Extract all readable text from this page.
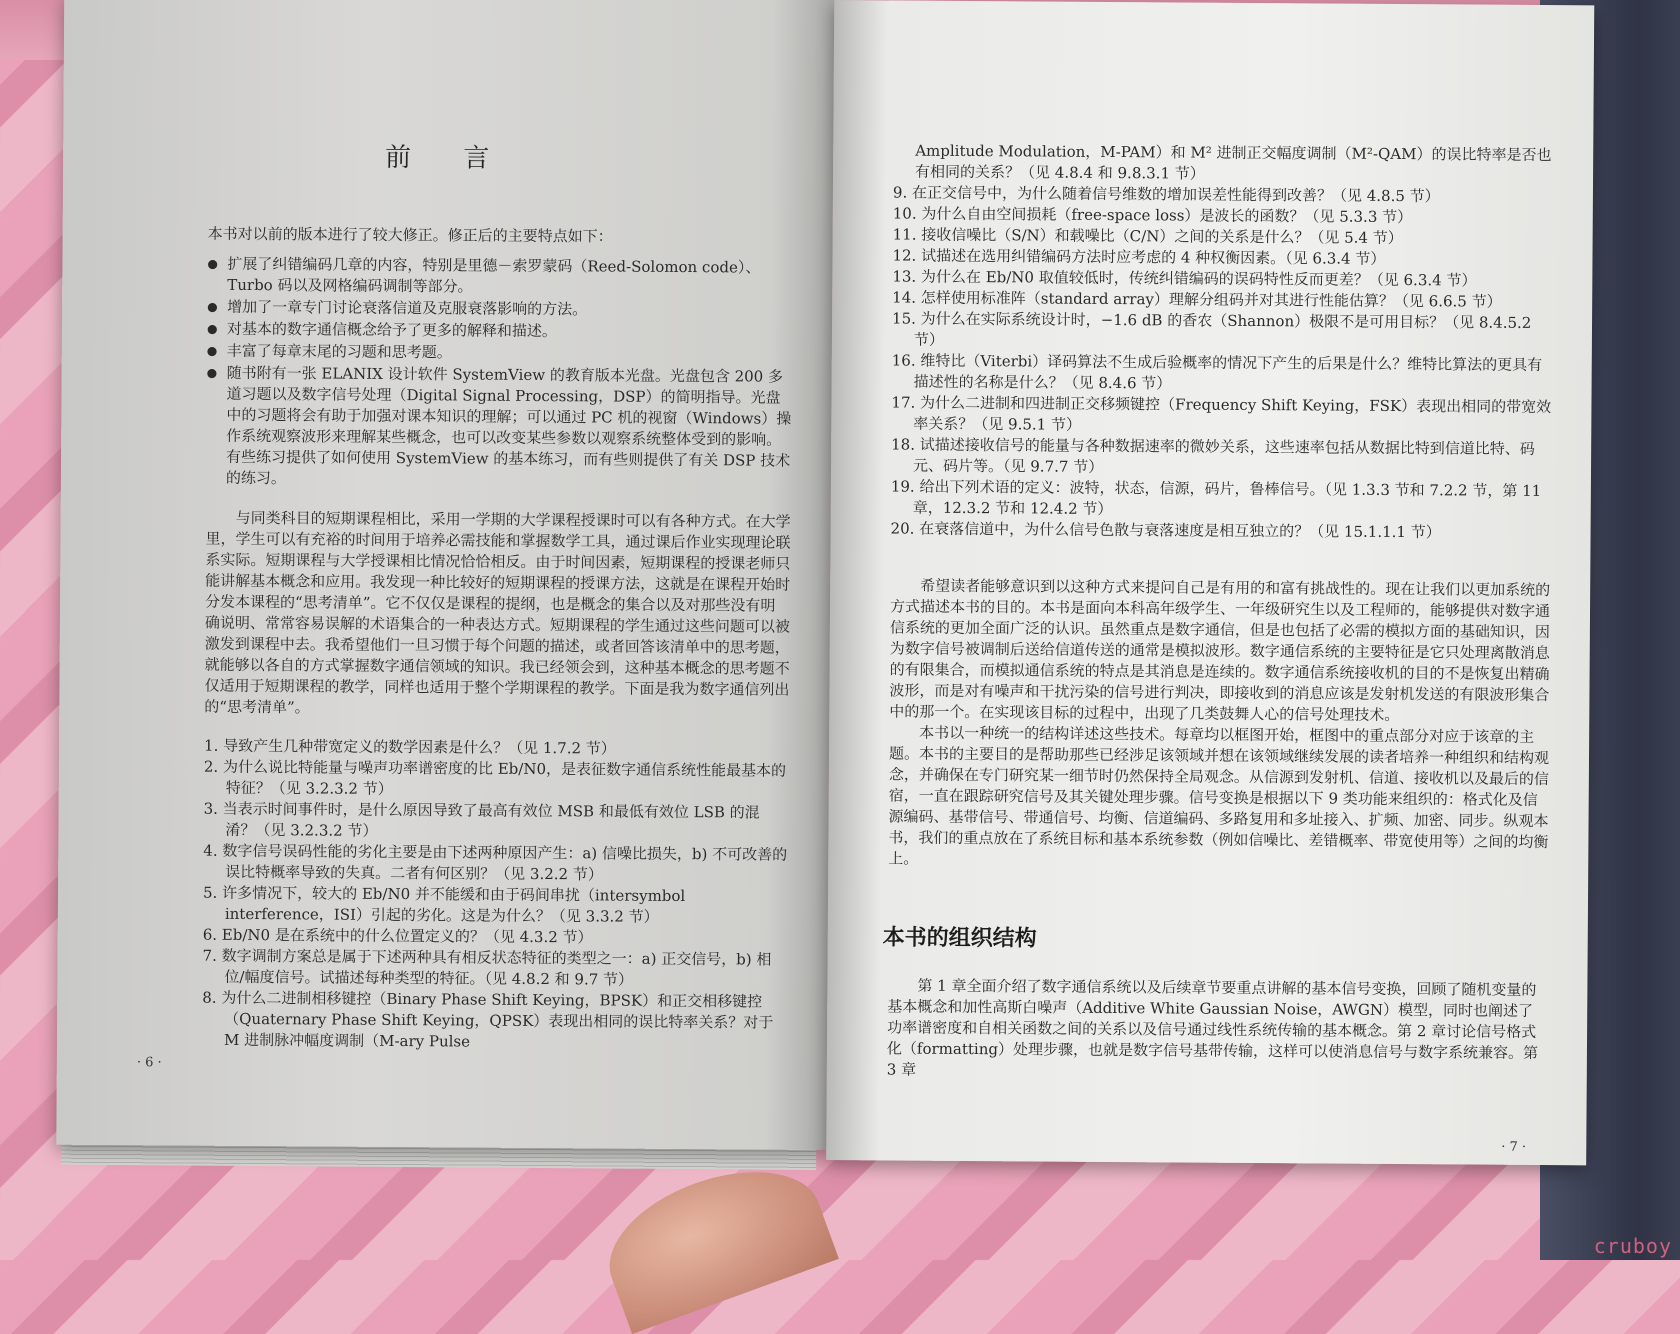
前 言
本书对以前的版本进行了较大修正。修正后的主要特点如下：
● 扩展了纠错编码几章的内容，特别是里德－索罗蒙码（Reed-Solomon code）、Turbo 码以及网格编码调制等部分。
● 增加了一章专门讨论衰落信道及克服衰落影响的方法。
● 对基本的数字通信概念给予了更多的解释和描述。
● 丰富了每章末尾的习题和思考题。
● 随书附有一张 ELANIX 设计软件 SystemView 的教育版本光盘。光盘包含 200 多道习题以及数字信号处理（Digital Signal Processing，DSP）的简明指导。光盘中的习题将会有助于加强对课本知识的理解；可以通过 PC 机的视窗（Windows）操作系统观察波形来理解某些概念，也可以改变某些参数以观察系统整体受到的影响。有些练习提供了如何使用 SystemView 的基本练习，而有些则提供了有关 DSP 技术的练习。

与同类科目的短期课程相比，采用一学期的大学课程授课时可以有各种方式。在大学里，学生可以有充裕的时间用于培养必需技能和掌握数学工具，通过课后作业实现理论联系实际。短期课程与大学授课相比情况恰恰相反。由于时间因素，短期课程的授课老师只能讲解基本概念和应用。我发现一种比较好的短期课程的授课方法，这就是在课程开始时分发本课程的“思考清单”。它不仅仅是课程的提纲，也是概念的集合以及对那些没有明确说明、常常容易误解的术语集合的一种表达方式。短期课程的学生通过这些问题可以被激发到课程中去。我希望他们一旦习惯于每个问题的描述，或者回答该清单中的思考题，就能够以各自的方式掌握数字通信领域的知识。我已经领会到，这种基本概念的思考题不仅适用于短期课程的教学，同样也适用于整个学期课程的教学。下面是我为数字通信列出的“思考清单”。

1. 导致产生几种带宽定义的数学因素是什么？（见 1.7.2 节）

2. 为什么说比特能量与噪声功率谱密度的比 Eb/N0，是表征数字通信系统性能最基本的特征？（见 3.2.3.2 节）

3. 当表示时间事件时，是什么原因导致了最高有效位 MSB 和最低有效位 LSB 的混淆？（见 3.2.3.2 节）

4. 数字信号误码性能的劣化主要是由下述两种原因产生：a) 信噪比损失，b) 不可改善的误比特概率导致的失真。二者有何区别？（见 3.2.2 节）

5. 许多情况下，较大的 Eb/N0 并不能缓和由于码间串扰（intersymbol interference，ISI）引起的劣化。这是为什么？（见 3.3.2 节）

6. Eb/N0 是在系统中的什么位置定义的？（见 4.3.2 节）

7. 数字调制方案总是属于下述两种具有相反状态特征的类型之一：a) 正交信号，b) 相位/幅度信号。试描述每种类型的特征。（见 4.8.2 和 9.7 节）

8. 为什么二进制相移键控（Binary Phase Shift Keying，BPSK）和正交相移键控（Quaternary Phase Shift Keying，QPSK）表现出相同的误比特率关系？对于 M 进制脉冲幅度调制（M-ary Pulse

· 6 ·

Amplitude Modulation，M-PAM）和 M² 进制正交幅度调制（M²-QAM）的误比特率是否也有相同的关系？（见 4.8.4 和 9.8.3.1 节）

9. 在正交信号中，为什么随着信号维数的增加误差性能得到改善？（见 4.8.5 节）

10. 为什么自由空间损耗（free-space loss）是波长的函数？（见 5.3.3 节）

11. 接收信噪比（S/N）和载噪比（C/N）之间的关系是什么？（见 5.4 节）

12. 试描述在选用纠错编码方法时应考虑的 4 种权衡因素。（见 6.3.4 节）

13. 为什么在 Eb/N0 取值较低时，传统纠错编码的误码特性反而更差？（见 6.3.4 节）

14. 怎样使用标准阵（standard array）理解分组码并对其进行性能估算？（见 6.6.5 节）

15. 为什么在实际系统设计时，−1.6 dB 的香农（Shannon）极限不是可用目标？（见 8.4.5.2 节）

16. 维特比（Viterbi）译码算法不生成后验概率的情况下产生的后果是什么？维特比算法的更具有描述性的名称是什么？（见 8.4.6 节）

17. 为什么二进制和四进制正交移频键控（Frequency Shift Keying，FSK）表现出相同的带宽效率关系？（见 9.5.1 节）

18. 试描述接收信号的能量与各种数据速率的微妙关系，这些速率包括从数据比特到信道比特、码元、码片等。（见 9.7.7 节）

19. 给出下列术语的定义：波特，状态，信源，码片，鲁棒信号。（见 1.3.3 节和 7.2.2 节，第 11 章，12.3.2 节和 12.4.2 节）

20. 在衰落信道中，为什么信号色散与衰落速度是相互独立的？（见 15.1.1.1 节）

希望读者能够意识到以这种方式来提问自己是有用的和富有挑战性的。现在让我们以更加系统的方式描述本书的目的。本书是面向本科高年级学生、一年级研究生以及工程师的，能够提供对数字通信系统的更加全面广泛的认识。虽然重点是数字通信，但是也包括了必需的模拟方面的基础知识，因为数字信号被调制后送给信道传送的通常是模拟波形。数字通信系统的主要特征是它只处理离散消息的有限集合，而模拟通信系统的特点是其消息是连续的。数字通信系统接收机的目的不是恢复出精确波形，而是对有噪声和干扰污染的信号进行判决，即接收到的消息应该是发射机发送的有限波形集合中的那一个。在实现该目标的过程中，出现了几类鼓舞人心的信号处理技术。

本书以一种统一的结构详述这些技术。每章均以框图开始，框图中的重点部分对应于该章的主题。本书的主要目的是帮助那些已经涉足该领域并想在该领域继续发展的读者培养一种组织和结构观念，并确保在专门研究某一细节时仍然保持全局观念。从信源到发射机、信道、接收机以及最后的信宿，一直在跟踪研究信号及其关键处理步骤。信号变换是根据以下 9 类功能来组织的：格式化及信源编码、基带信号、带通信号、均衡、信道编码、多路复用和多址接入、扩频、加密、同步。纵观本书，我们的重点放在了系统目标和基本系统参数（例如信噪比、差错概率、带宽使用等）之间的均衡上。

本书的组织结构

第 1 章全面介绍了数字通信系统以及后续章节要重点讲解的基本信号变换，回顾了随机变量的基本概念和加性高斯白噪声（Additive White Gaussian Noise，AWGN）模型，同时也阐述了功率谱密度和自相关函数之间的关系以及信号通过线性系统传输的基本概念。第 2 章讨论信号格式化（formatting）处理步骤，也就是数字信号基带传输，这样可以使消息信号与数字系统兼容。第 3 章

· 7 ·
cruboy
